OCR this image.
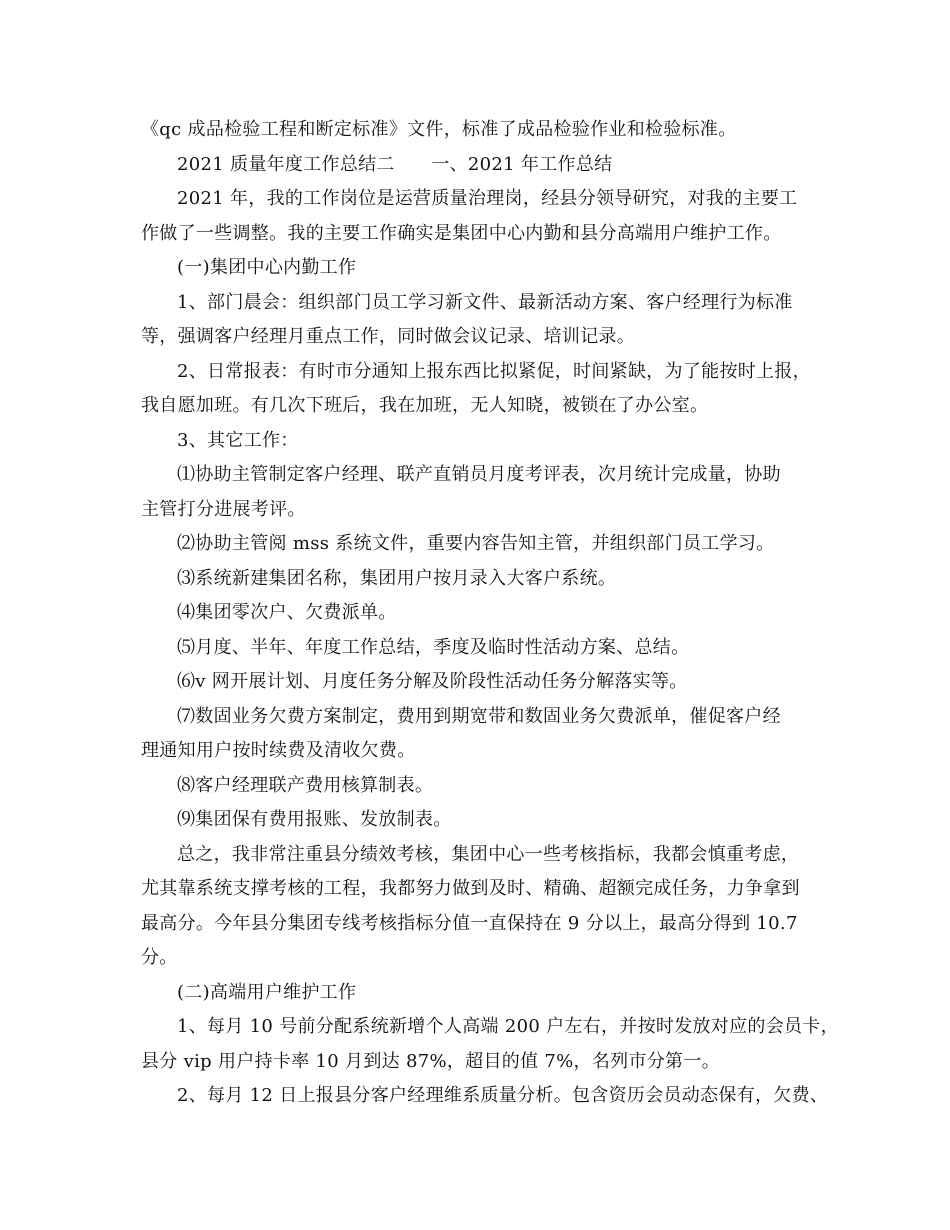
《qc 成品检验工程和断定标准》文件，标准了成品检验作业和检验标准。

2021 质量年度工作总结二　　一、2021 年工作总结

2021 年，我的工作岗位是运营质量治理岗，经县分领导研究，对我的主要工

作做了一些调整。我的主要工作确实是集团中心内勤和县分高端用户维护工作。

(一)集团中心内勤工作

1、部门晨会：组织部门员工学习新文件、最新活动方案、客户经理行为标准

等，强调客户经理月重点工作，同时做会议记录、培训记录。

2、日常报表：有时市分通知上报东西比拟紧促，时间紧缺，为了能按时上报，

我自愿加班。有几次下班后，我在加班，无人知晓，被锁在了办公室。

3、其它工作：

⑴协助主管制定客户经理、联产直销员月度考评表，次月统计完成量，协助

主管打分进展考评。

⑵协助主管阅 mss 系统文件，重要内容告知主管，并组织部门员工学习。

⑶系统新建集团名称，集团用户按月录入大客户系统。

⑷集团零次户、欠费派单。

⑸月度、半年、年度工作总结，季度及临时性活动方案、总结。

⑹v 网开展计划、月度任务分解及阶段性活动任务分解落实等。

⑺数固业务欠费方案制定，费用到期宽带和数固业务欠费派单，催促客户经

理通知用户按时续费及清收欠费。

⑻客户经理联产费用核算制表。

⑼集团保有费用报账、发放制表。

总之，我非常注重县分绩效考核，集团中心一些考核指标，我都会慎重考虑，

尤其靠系统支撑考核的工程，我都努力做到及时、精确、超额完成任务，力争拿到

最高分。今年县分集团专线考核指标分值一直保持在 9 分以上，最高分得到 10.7

分。

(二)高端用户维护工作

1、每月 10 号前分配系统新增个人高端 200 户左右，并按时发放对应的会员卡，

县分 vip 用户持卡率 10 月到达 87%，超目的值 7%，名列市分第一。

2、每月 12 日上报县分客户经理维系质量分析。包含资历会员动态保有，欠费、
